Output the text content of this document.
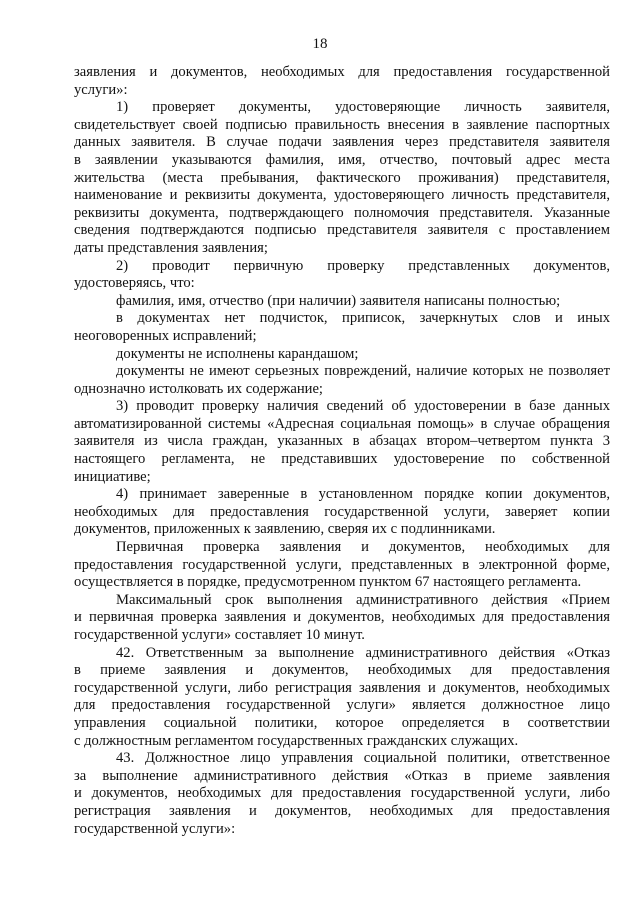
18
заявления и документов, необходимых для предоставления государственной
услуги»:
1) проверяет документы, удостоверяющие личность заявителя,
свидетельствует своей подписью правильность внесения в заявление паспортных
данных заявителя. В случае подачи заявления через представителя заявителя
в заявлении указываются фамилия, имя, отчество, почтовый адрес места
жительства (места пребывания, фактического проживания) представителя,
наименование и реквизиты документа, удостоверяющего личность представителя,
реквизиты документа, подтверждающего полномочия представителя. Указанные
сведения подтверждаются подписью представителя заявителя с проставлением
даты представления заявления;
2) проводит первичную проверку представленных документов,
удостоверяясь, что:
фамилия, имя, отчество (при наличии) заявителя написаны полностью;
в документах нет подчисток, приписок, зачеркнутых слов и иных
неоговоренных исправлений;
документы не исполнены карандашом;
документы не имеют серьезных повреждений, наличие которых не позволяет
однозначно истолковать их содержание;
3) проводит проверку наличия сведений об удостоверении в базе данных
автоматизированной системы «Адресная социальная помощь» в случае обращения
заявителя из числа граждан, указанных в абзацах втором–четвертом пункта 3
настоящего регламента, не представивших удостоверение по собственной
инициативе;
4) принимает заверенные в установленном порядке копии документов,
необходимых для предоставления государственной услуги, заверяет копии
документов, приложенных к заявлению, сверяя их с подлинниками.
Первичная проверка заявления и документов, необходимых для
предоставления государственной услуги, представленных в электронной форме,
осуществляется в порядке, предусмотренном пунктом 67 настоящего регламента.
Максимальный срок выполнения административного действия «Прием
и первичная проверка заявления и документов, необходимых для предоставления
государственной услуги» составляет 10 минут.
42. Ответственным за выполнение административного действия «Отказ
в приеме заявления и документов, необходимых для предоставления
государственной услуги, либо регистрация заявления и документов, необходимых
для предоставления государственной услуги» является должностное лицо
управления социальной политики, которое определяется в соответствии
с должностным регламентом государственных гражданских служащих.
43. Должностное лицо управления социальной политики, ответственное
за выполнение административного действия «Отказ в приеме заявления
и документов, необходимых для предоставления государственной услуги, либо
регистрация заявления и документов, необходимых для предоставления
государственной услуги»:
